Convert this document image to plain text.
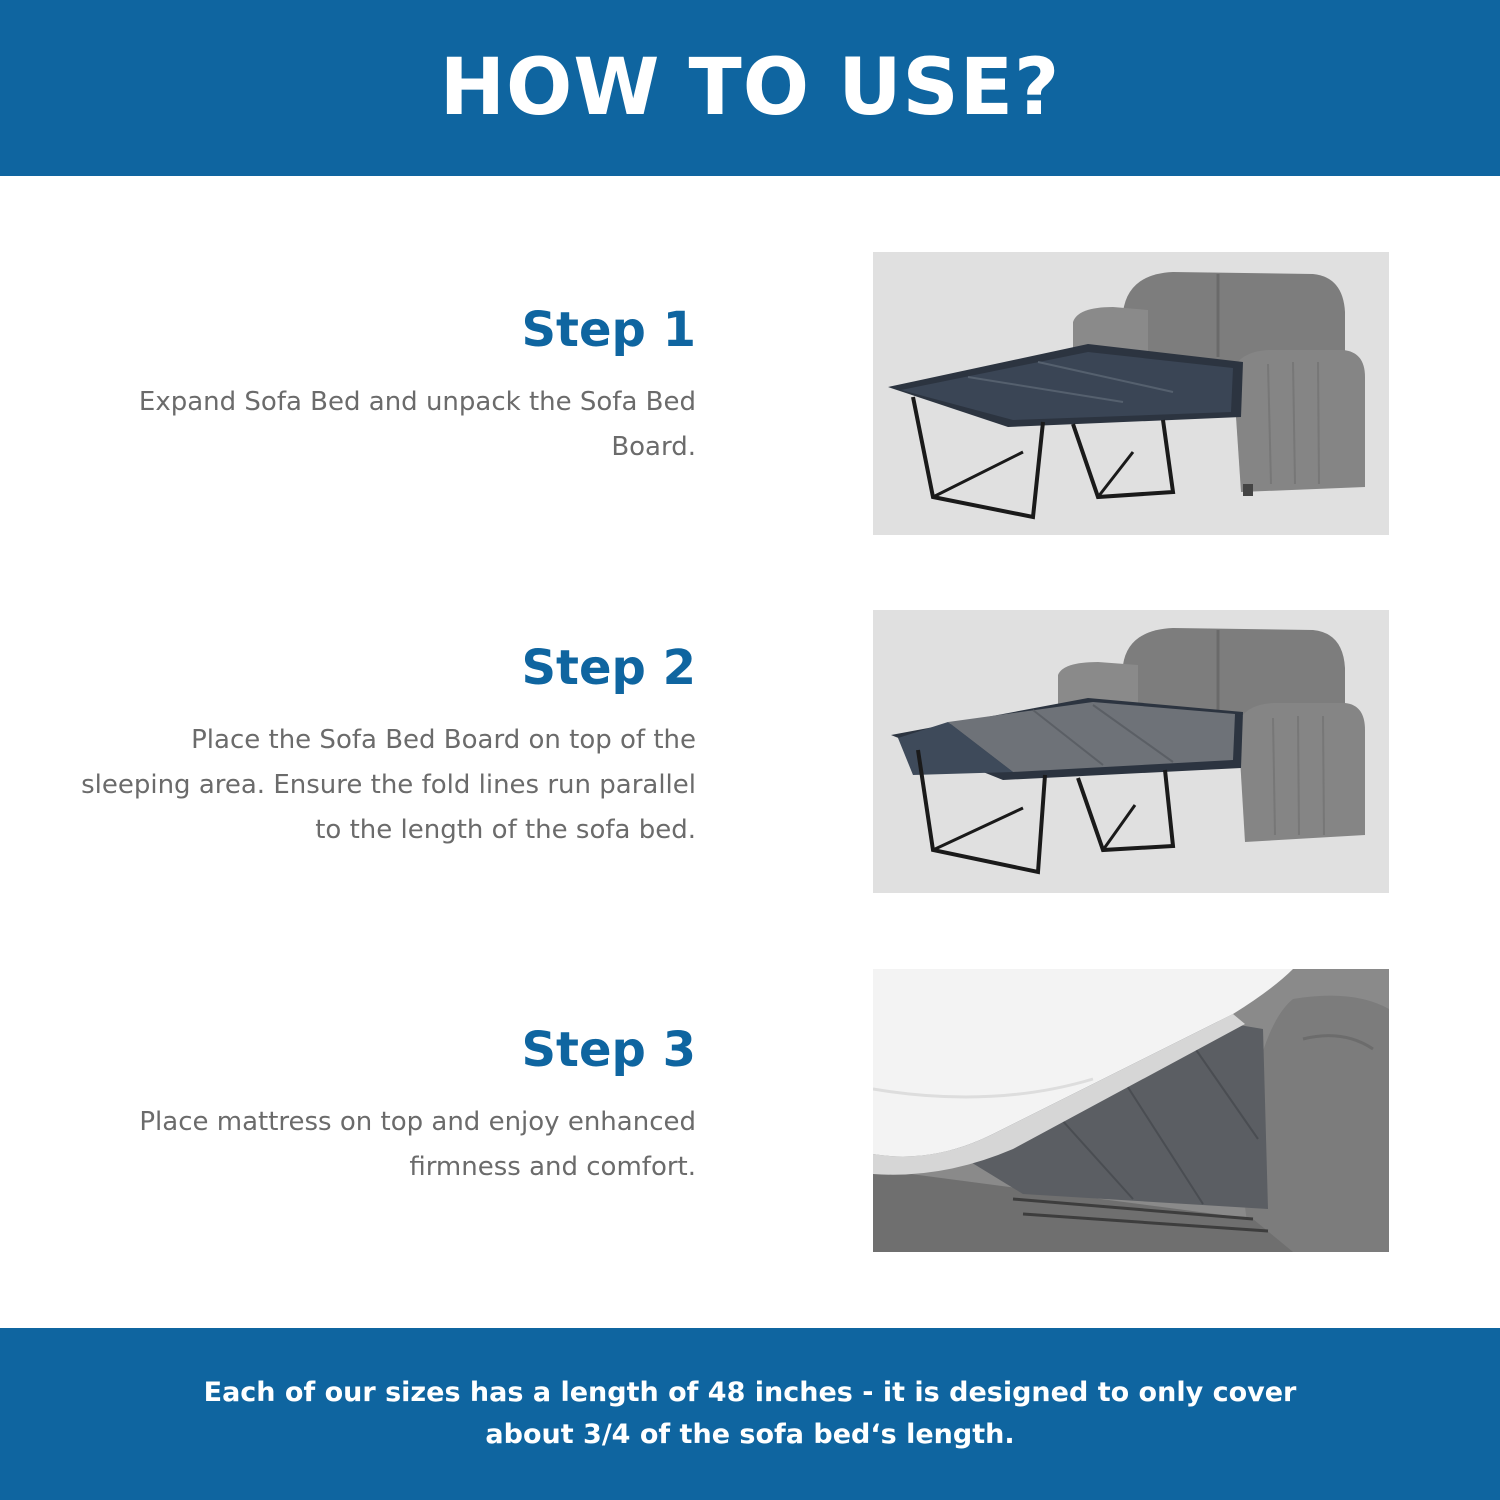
HOW TO USE?
Step 1

Expand Sofa Bed and unpack the Sofa Bed Board.

Step 2

Place the Sofa Bed Board on top of the sleeping area. Ensure the fold lines run parallel to the length of the sofa bed.

Step 3

Place mattress on top and enjoy enhanced firmness and comfort.

Each of our sizes has a length of 48 inches - it is designed to only cover about 3/4 of the sofa bed‘s length.
